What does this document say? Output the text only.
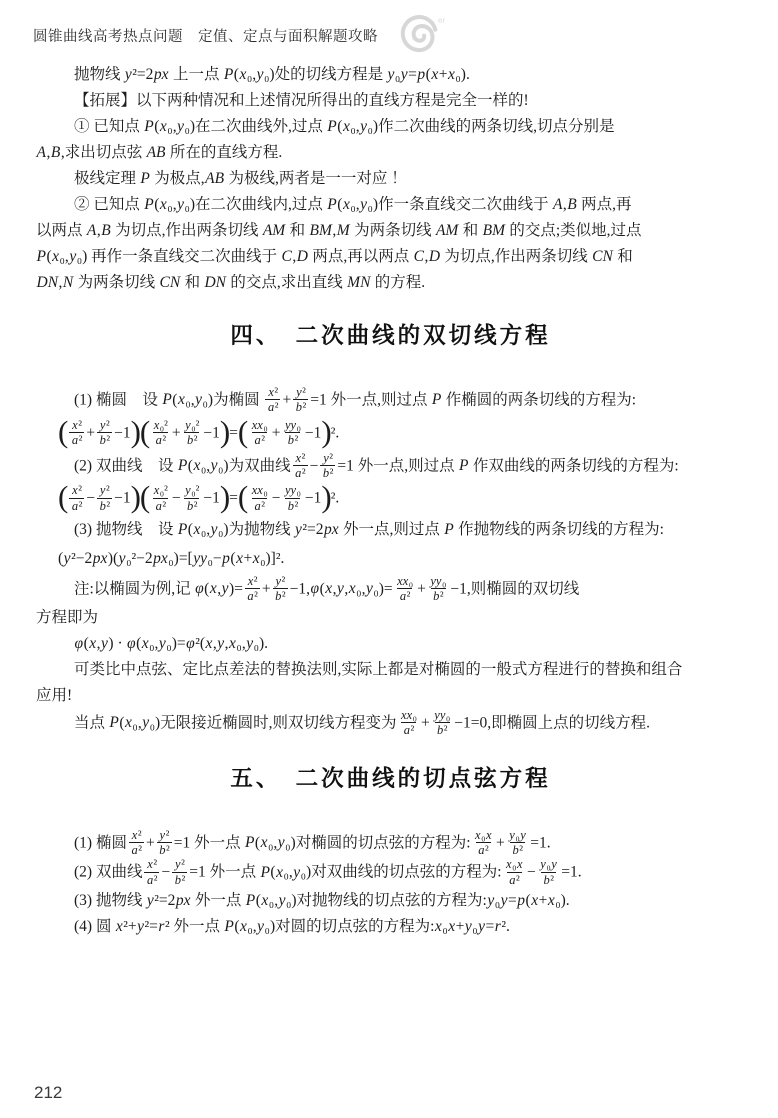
圆锥曲线高考热点问题　定值、定点与面积解题攻略
er
抛物线 y²=2px 上一点 P(x₀,y₀)处的切线方程是 y₀y=p(x+x₀).
【拓展】以下两种情况和上述情况所得出的直线方程是完全一样的!
① 已知点 P(x₀,y₀)在二次曲线外,过点 P(x₀,y₀)作二次曲线的两条切线,切点分别是
A,B,求出切点弦 AB 所在的直线方程.
极线定理 P 为极点,AB 为极线,两者是一一对应 ！
② 已知点 P(x₀,y₀)在二次曲线内,过点 P(x₀,y₀)作一条直线交二次曲线于 A,B 两点,再
以两点 A,B 为切点,作出两条切线 AM 和 BM,M 为两条切线 AM 和 BM 的交点;类似地,过点
P(x₀,y₀) 再作一条直线交二次曲线于 C,D 两点,再以两点 C,D 为切点,作出两条切线 CN 和
DN,N 为两条切线 CN 和 DN 的交点,求出直线 MN 的方程.
四、　二次曲线的双切线方程
(1) 椭圆　设 P(x₀,y₀)为椭圆 $\frac{\text{x²}}{\text{a²}} + \frac{\text{y²}}{\text{b²}} =1$ 外一点,则过点 P 作椭圆的两条切线的方程为:
( $\frac{\text{x²}}{\text{a²}} + \frac{\text{y²}}{\text{b²}} -1)( \frac{\text{x₀²}}{\text{a²}} + \frac{\text{y₀²}}{\text{b²}} -1)=( \frac{\text{xx₀}}{\text{a²}} + \frac{\text{yy₀}}{\text{b²}} -1)^2$.
(2) 双曲线　设 P(x₀,y₀)为双曲线 $\frac{\text{x²}}{\text{a²}} - \frac{\text{y²}}{\text{b²}} =1$ 外一点,则过点 P 作双曲线的两条切线的方程为:
( $\frac{\text{x²}}{\text{a²}} - \frac{\text{y²}}{\text{b²}} -1)( \frac{\text{x₀²}}{\text{a²}} - \frac{\text{y₀²}}{\text{b²}} -1)=( \frac{\text{xx₀}}{\text{a²}} - \frac{\text{yy₀}}{\text{b²}} -1)^2$.
(3) 抛物线　设 P(x₀,y₀)为抛物线 y²=2px 外一点,则过点 P 作抛物线的两条切线的方程为:
(y²−2px)(y₀²−2px₀)=[yy₀−p(x+x₀)]².
注:以椭圆为例,记 $\varphi(x,y)= \frac{\text{x²}}{\text{a²}} + \frac{\text{y²}}{\text{b²}} -1,\varphi(x,y,x_0,y_0)= \frac{\text{xx₀}}{\text{a²}} + \frac{\text{yy₀}}{\text{b²}} -1$,则椭圆的双切线
方程即为
φ(x,y) · φ(x₀,y₀)=φ²(x,y,x₀,y₀).
可类比中点弦、定比点差法的替换法则,实际上都是对椭圆的一般式方程进行的替换和组合
应用!
当点 P(x₀,y₀)无限接近椭圆时,则双切线方程变为 $\frac{\text{xx₀}}{\text{a²}} + \frac{\text{yy₀}}{\text{b²}} -1=0$,即椭圆上点的切线方程.
五、　二次曲线的切点弦方程
(1) 椭圆 $\frac{\text{x²}}{\text{a²}} + \frac{\text{y²}}{\text{b²}} =1$ 外一点 P(x₀,y₀)对椭圆的切点弦的方程为: $\frac{\text{x₀x}}{\text{a²}} + \frac{\text{y₀y}}{\text{b²}} =1$.
(2) 双曲线 $\frac{\text{x²}}{\text{a²}} - \frac{\text{y²}}{\text{b²}} =1$ 外一点 P(x₀,y₀)对双曲线的切点弦的方程为: $\frac{\text{x₀x}}{\text{a²}} - \frac{\text{y₀y}}{\text{b²}} =1$.
(3) 抛物线 y²=2px 外一点 P(x₀,y₀)对抛物线的切点弦的方程为:y₀y=p(x+x₀).
(4) 圆 x²+y²=r² 外一点 P(x₀,y₀)对圆的切点弦的方程为:x₀x+y₀y=r².
212
